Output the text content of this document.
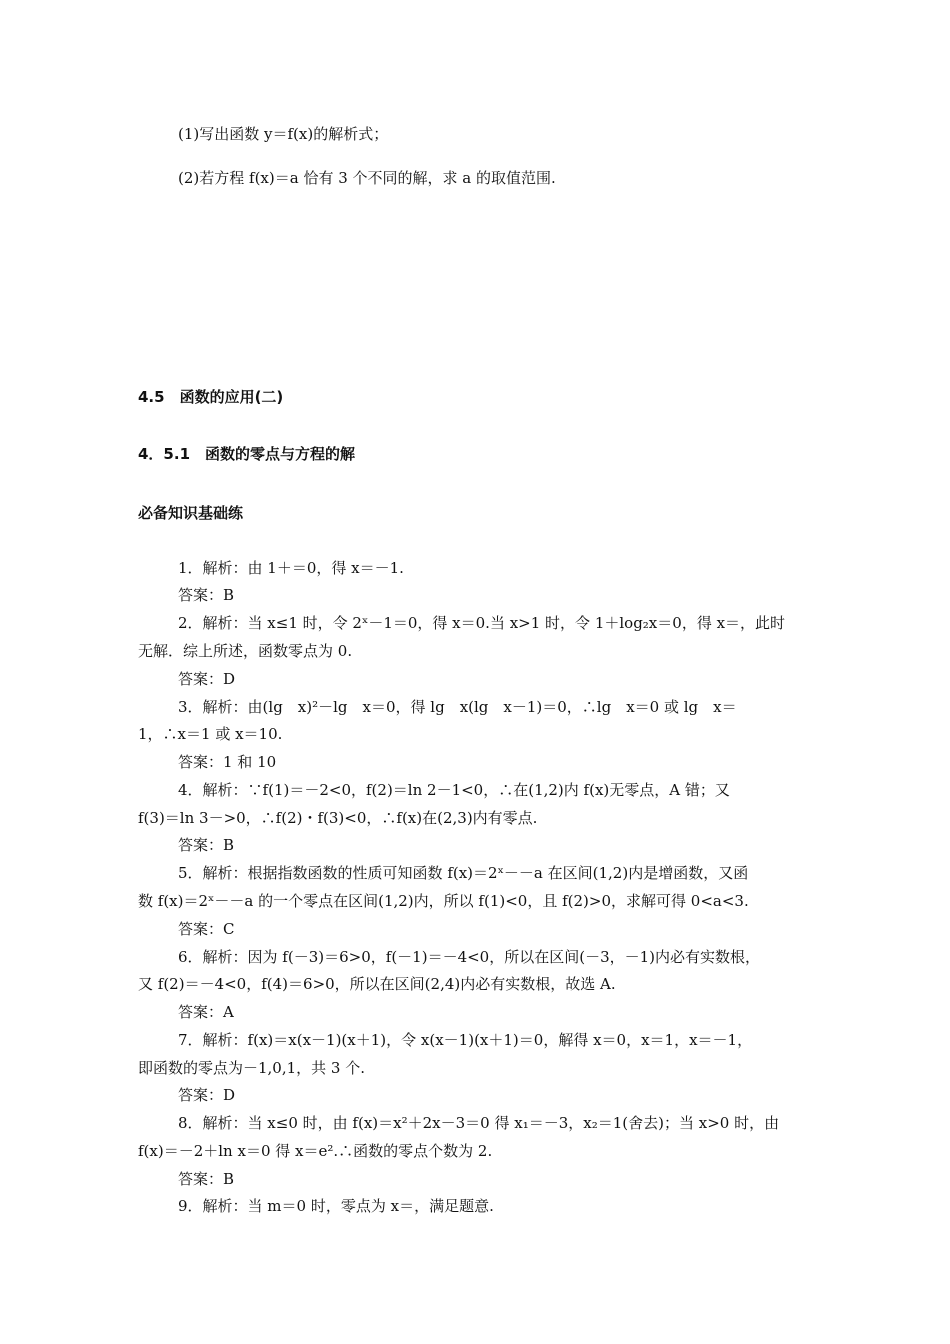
(1)写出函数 y＝f(x)的解析式；
(2)若方程 f(x)＝a 恰有 3 个不同的解，求 a 的取值范围.
4.5　函数的应用(二)
4．5.1　函数的零点与方程的解
必备知识基础练
1．解析：由 1＋＝0，得 x＝－1.
答案：B
2．解析：当 x≤1 时，令 2ˣ－1＝0，得 x＝0.当 x>1 时，令 1＋log₂x＝0，得 x＝，此时
无解．综上所述，函数零点为 0.
答案：D
3．解析：由(lg　x)²－lg　x＝0，得 lg　x(lg　x－1)＝0，∴lg　x＝0 或 lg　x＝
1，∴x＝1 或 x＝10.
答案：1 和 10
4．解析：∵f(1)＝－2<0，f(2)＝ln 2－1<0，∴在(1,2)内 f(x)无零点，A 错；又
f(3)＝ln 3－>0，∴f(2)・f(3)<0，∴f(x)在(2,3)内有零点.
答案：B
5．解析：根据指数函数的性质可知函数 f(x)＝2ˣ－－a 在区间(1,2)内是增函数，又函
数 f(x)＝2ˣ－－a 的一个零点在区间(1,2)内，所以 f(1)<0，且 f(2)>0，求解可得 0<a<3.
答案：C
6．解析：因为 f(－3)＝6>0，f(－1)＝－4<0，所以在区间(－3，－1)内必有实数根，
又 f(2)＝－4<0，f(4)＝6>0，所以在区间(2,4)内必有实数根，故选 A.
答案：A
7．解析：f(x)＝x(x－1)(x＋1)，令 x(x－1)(x＋1)＝0，解得 x＝0，x＝1，x＝－1，
即函数的零点为－1,0,1，共 3 个.
答案：D
8．解析：当 x≤0 时，由 f(x)＝x²＋2x－3＝0 得 x₁＝－3，x₂＝1(舍去)；当 x>0 时，由
f(x)＝－2＋ln x＝0 得 x＝e².∴函数的零点个数为 2.
答案：B
9．解析：当 m＝0 时，零点为 x＝，满足题意.
